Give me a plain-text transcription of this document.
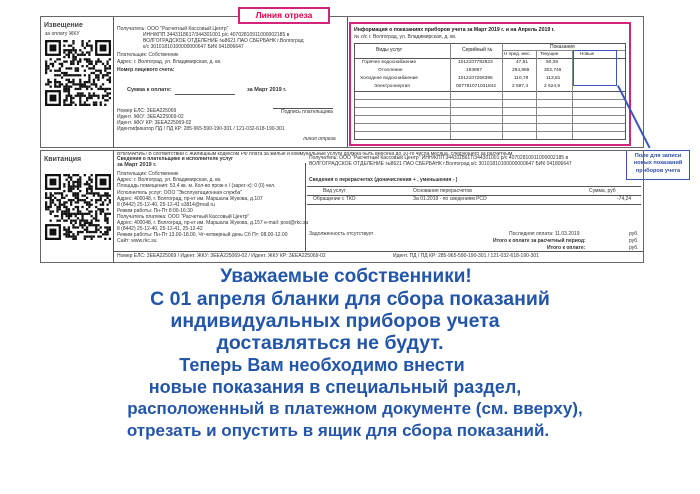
Извещение
за оплату ЖКУ
Получатель: ООО "Расчетный Кассовый Центр"
ИНН/КПП 3443118617/344301001 р/с 40702810911000002185 в
ВОЛГОГРАДСКОЕ ОТДЕЛЕНИЕ №8621 ПАО СБЕРБАНК г.Волгоград
к/с 30101810100000000647 БИК 041806647
Плательщик: Собственник
Адрес: г. Волгоград, ул. Владимирская, д. кв.
Номер лицевого счета:
Сумма к оплате:	за Март 2019 г.
Подпись плательщика
Номер ЕЛС: 3ЕЕА225069
Идент. ЖКУ: 3ЕЕА225069-02
Идент. ЖКУ КР: 3ЕЕА225069-02
Идентификатор ПД / ПД КР: 285-965-590-190-301 / 121-032-618-190-301
линия отреза
Информация о показаниях приборов учета за Март 2019 г. и на Апрель 2019 г.
№ л/с г. Волгоград, ул. Владимирская, д. кв.
Виды услуг	Серийный №	Показания
Н пред. мес. Текущие	Новые
Горячее водоснабжение	1012107782823	47,81	50,38
Отопление	183697	294,869	302,746
Холодное водоснабжение	1012107266395	110,78	113,81
Электроэнергия	007791071031842	2 597,4	2 624,9
Линия отреза
Поле для записи новых показаний приборов учета
Квитанция
ВНИМАНИЕ! В соответствии с Жилищным кодексом РФ плата за жилые и коммунальные услуги должна быть внесена до 10-го числа месяца, следующего за расчетным
Сведения о плательщике и исполнителе услуг
за Март 2019 г.
Плательщик: Собственник
Адрес: г. Волгоград, ул. Владимирская, д. кв.
Площадь помещения: 53,4 кв. м. Кол-во прож-х / (зарег-х): 0 (0) чел.
Исполнитель услуг: ООО "Эксплуатационная служба"
Адрес: 400048, г. Волгоград, пр-кт им. Маршала Жукова, д.107
8 (8442) 25-12-40, 25-12-41 s3814@mail.ru
Режим работы: Пн-Пт 8:00-16:30
Получатель платежа: ООО "Расчетный Кассовый Центр"
Адрес: 400048, г. Волгоград, пр-кт им. Маршала Жукова, д.157 e-mail: post@rkc.su
8 (8442) 25-12-40, 25-12-41, 25-12-42
Режим работы: Пн-Пт 13.00-18.00, Чт-четверный день Сб Пт: 08.00-12.00
Сайт: www.rkc.su
Номер ЕЛС: 3ЕЕА225069 / Идент. ЖКУ: 3ЕЕА225069-02 / Идент. ЖКУ КР: 3ЕЕА225069-02	Идент. ПД / ПД КР: 285-965-590-190-301 / 121-032-618-190-301
Получатель: ООО "Расчетный Кассовый Центр" ИНН/КПП 3443118617/344301001 р/с 40702810911000002185 в
ВОЛГОГРАДСКОЕ ОТДЕЛЕНИЕ №8621 ПАО СБЕРБАНК г.Волгоград к/с 30101810100000000647 БИК 041806647
Сведения о перерасчетах (доначисления + , уменьшения - )
Вид услуг	Основания перерасчетов	Сумма, руб
Обращение с ТКО	За 01.2019 - по сведениям РСО	-74,24
Задолженность отсутствует	Последняя оплата: 11.03.2019	руб.
Итого к оплате за расчетный период:	руб.
Итого к оплате:	руб.
Уважаемые собственники!
С 01 апреля бланки для сбора показаний
индивидуальных приборов учета
доставляться не будут.
Теперь Вам необходимо внести
новые показания в специальный раздел,
расположенный в платежном документе (см. вверху),
отрезать и опустить в ящик для сбора показаний.
